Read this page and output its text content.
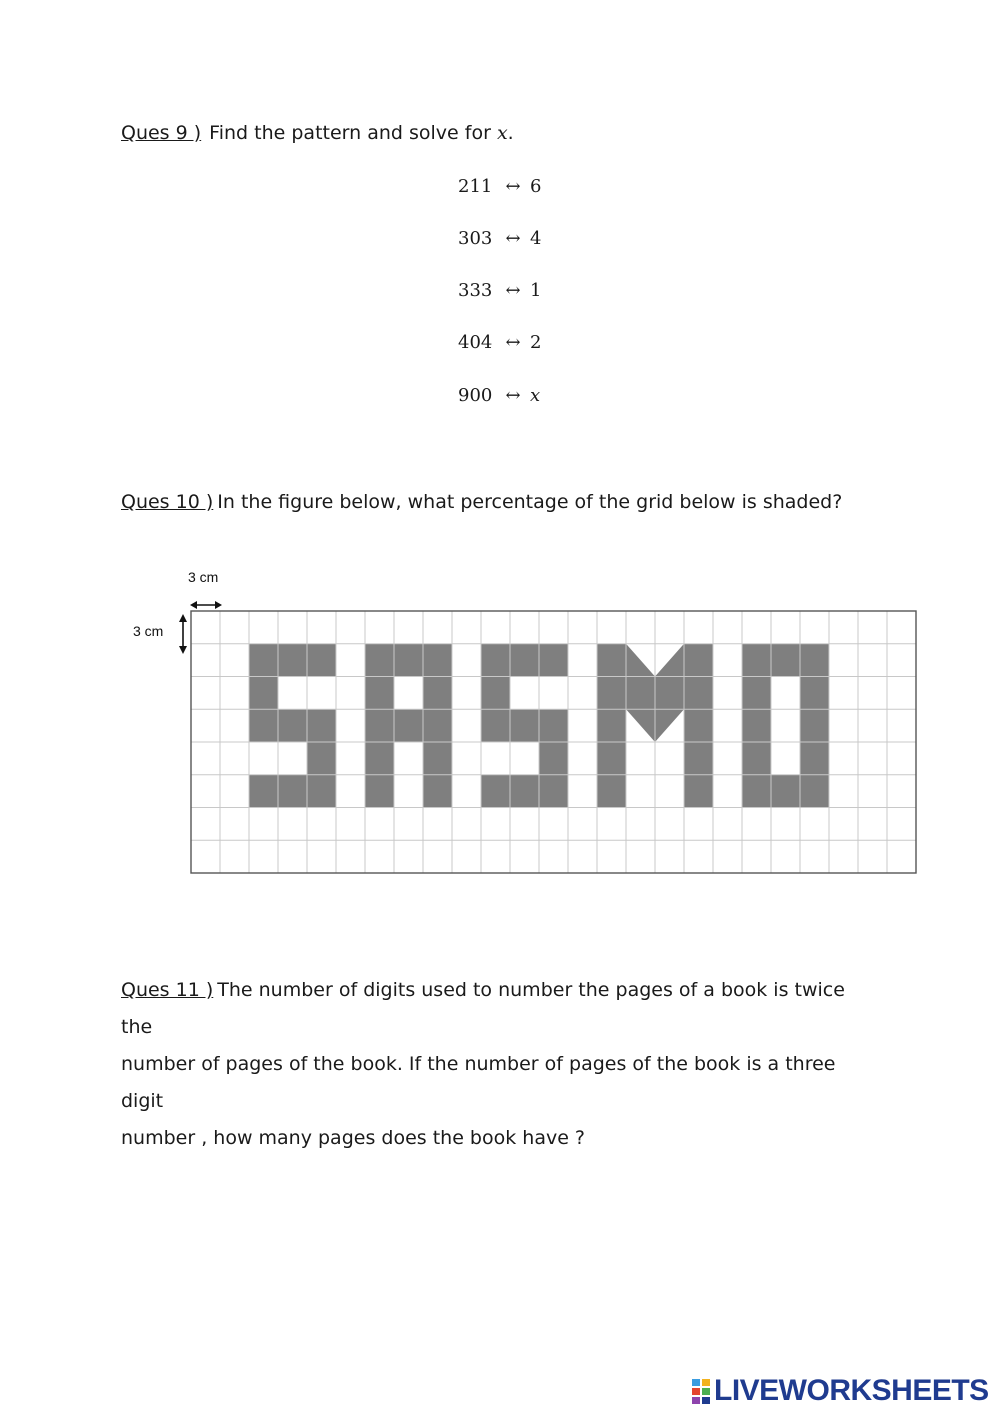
Ques 9 ) Find the pattern and solve for x.
211 ↔ 6
303 ↔ 4
333 ↔ 1
404 ↔ 2
900 ↔ x
Ques 10 ) In the figure below, what percentage of the grid below is shaded?
3 cm
3 cm
Ques 11 ) The number of digits used to number the pages of a book is twice the
number of pages of the book. If the number of pages of the book is a three digit
number , how many pages does the book have ?
LIVEWORKSHEETS
